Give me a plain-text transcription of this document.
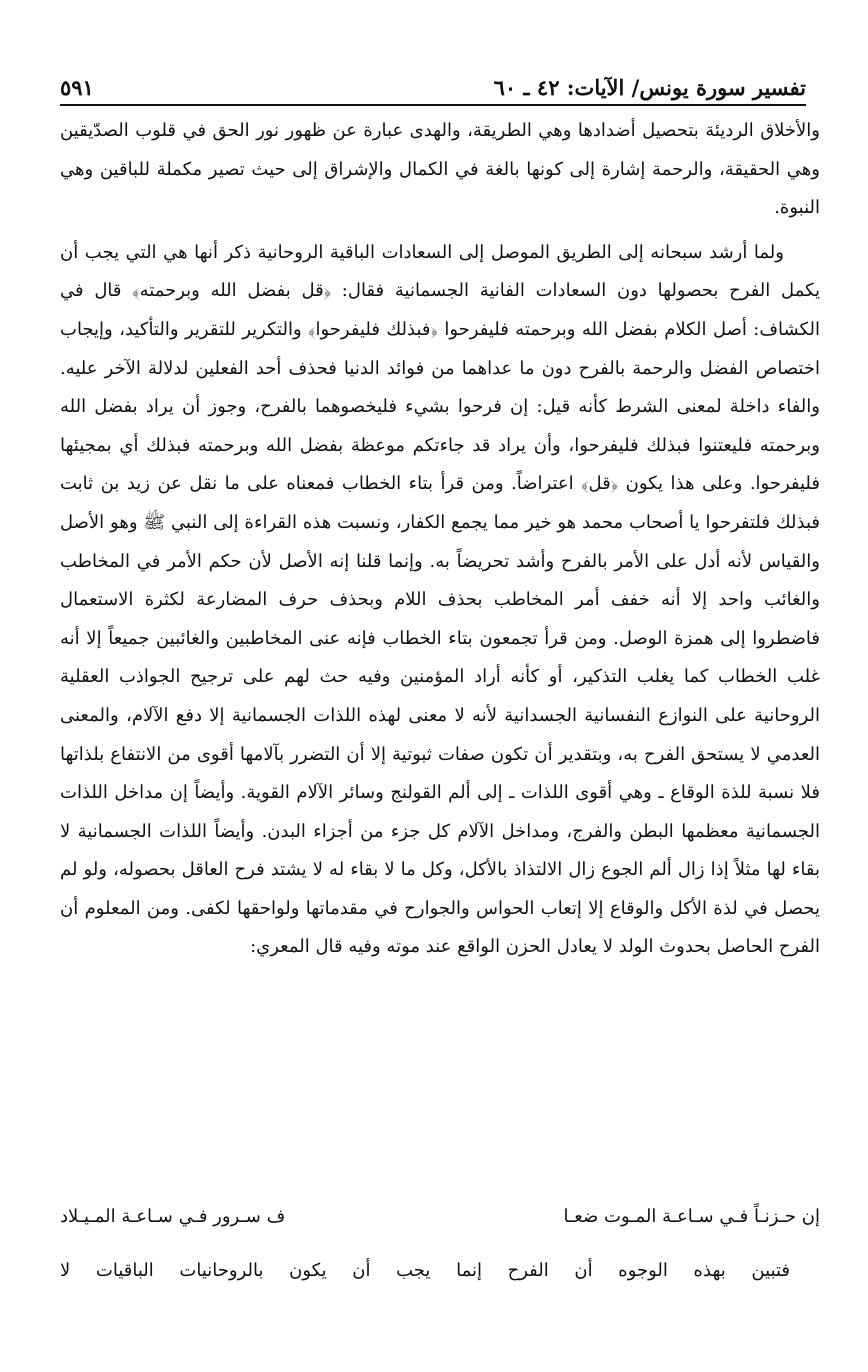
تفسير سورة يونس/ الآيات: ٤٢ ـ ٦٠
٥٩١

والأخلاق الرديئة بتحصيل أضدادها وهي الطريقة، والهدى عبارة عن ظهور نور الحق في قلوب الصدّيقين وهي الحقيقة، والرحمة إشارة إلى كونها بالغة في الكمال والإشراق إلى حيث تصير مكملة للباقين وهي النبوة.

ولما أرشد سبحانه إلى الطريق الموصل إلى السعادات الباقية الروحانية ذكر أنها هي التي يجب أن يكمل الفرح بحصولها دون السعادات الفانية الجسمانية فقال: ﴿قل بفضل الله وبرحمته﴾ قال في الكشاف: أصل الكلام بفضل الله وبرحمته فليفرحوا ﴿فبذلك فليفرحوا﴾ والتكرير للتقرير والتأكيد، وإيجاب اختصاص الفضل والرحمة بالفرح دون ما عداهما من فوائد الدنيا فحذف أحد الفعلين لدلالة الآخر عليه. والفاء داخلة لمعنى الشرط كأنه قيل: إن فرحوا بشيء فليخصوهما بالفرح، وجوز أن يراد بفضل الله وبرحمته فليعتنوا فبذلك فليفرحوا، وأن يراد قد جاءتكم موعظة بفضل الله وبرحمته فبذلك أي بمجيئها فليفرحوا. وعلى هذا يكون ﴿قل﴾ اعتراضاً. ومن قرأ بتاء الخطاب فمعناه على ما نقل عن زيد بن ثابت فبذلك فلتفرحوا يا أصحاب محمد هو خير مما يجمع الكفار، ونسبت هذه القراءة إلى النبي ﷺ وهو الأصل والقياس لأنه أدل على الأمر بالفرح وأشد تحريضاً به. وإنما قلنا إنه الأصل لأن حكم الأمر في المخاطب والغائب واحد إلا أنه خفف أمر المخاطب بحذف اللام وبحذف حرف المضارعة لكثرة الاستعمال فاضطروا إلى همزة الوصل. ومن قرأ تجمعون بتاء الخطاب فإنه عنى المخاطبين والغائبين جميعاً إلا أنه غلب الخطاب كما يغلب التذكير، أو كأنه أراد المؤمنين وفيه حث لهم على ترجيح الجواذب العقلية الروحانية على النوازع النفسانية الجسدانية لأنه لا معنى لهذه اللذات الجسمانية إلا دفع الآلام، والمعنى العدمي لا يستحق الفرح به، وبتقدير أن تكون صفات ثبوتية إلا أن التضرر بآلامها أقوى من الانتفاع بلذاتها فلا نسبة للذة الوقاع ـ وهي أقوى اللذات ـ إلى ألم القولنج وسائر الآلام القوية. وأيضاً إن مداخل اللذات الجسمانية معظمها البطن والفرج، ومداخل الآلام كل جزء من أجزاء البدن. وأيضاً اللذات الجسمانية لا بقاء لها مثلاً إذا زال ألم الجوع زال الالتذاذ بالأكل، وكل ما لا بقاء له لا يشتد فرح العاقل بحصوله، ولو لم يحصل في لذة الأكل والوقاع إلا إتعاب الحواس والجوارح في مقدماتها ولواحقها لكفى. ومن المعلوم أن الفرح الحاصل بحدوث الولد لا يعادل الحزن الواقع عند موته وفيه قال المعري:

إن حـزنـاً فـي سـاعـة المـوت ضعـا
ف سـرور فـي سـاعـة المـيـلاد
فتبين بهذه الوجوه أن الفرح إنما يجب أن يكون بالروحانيات الباقيات لا
